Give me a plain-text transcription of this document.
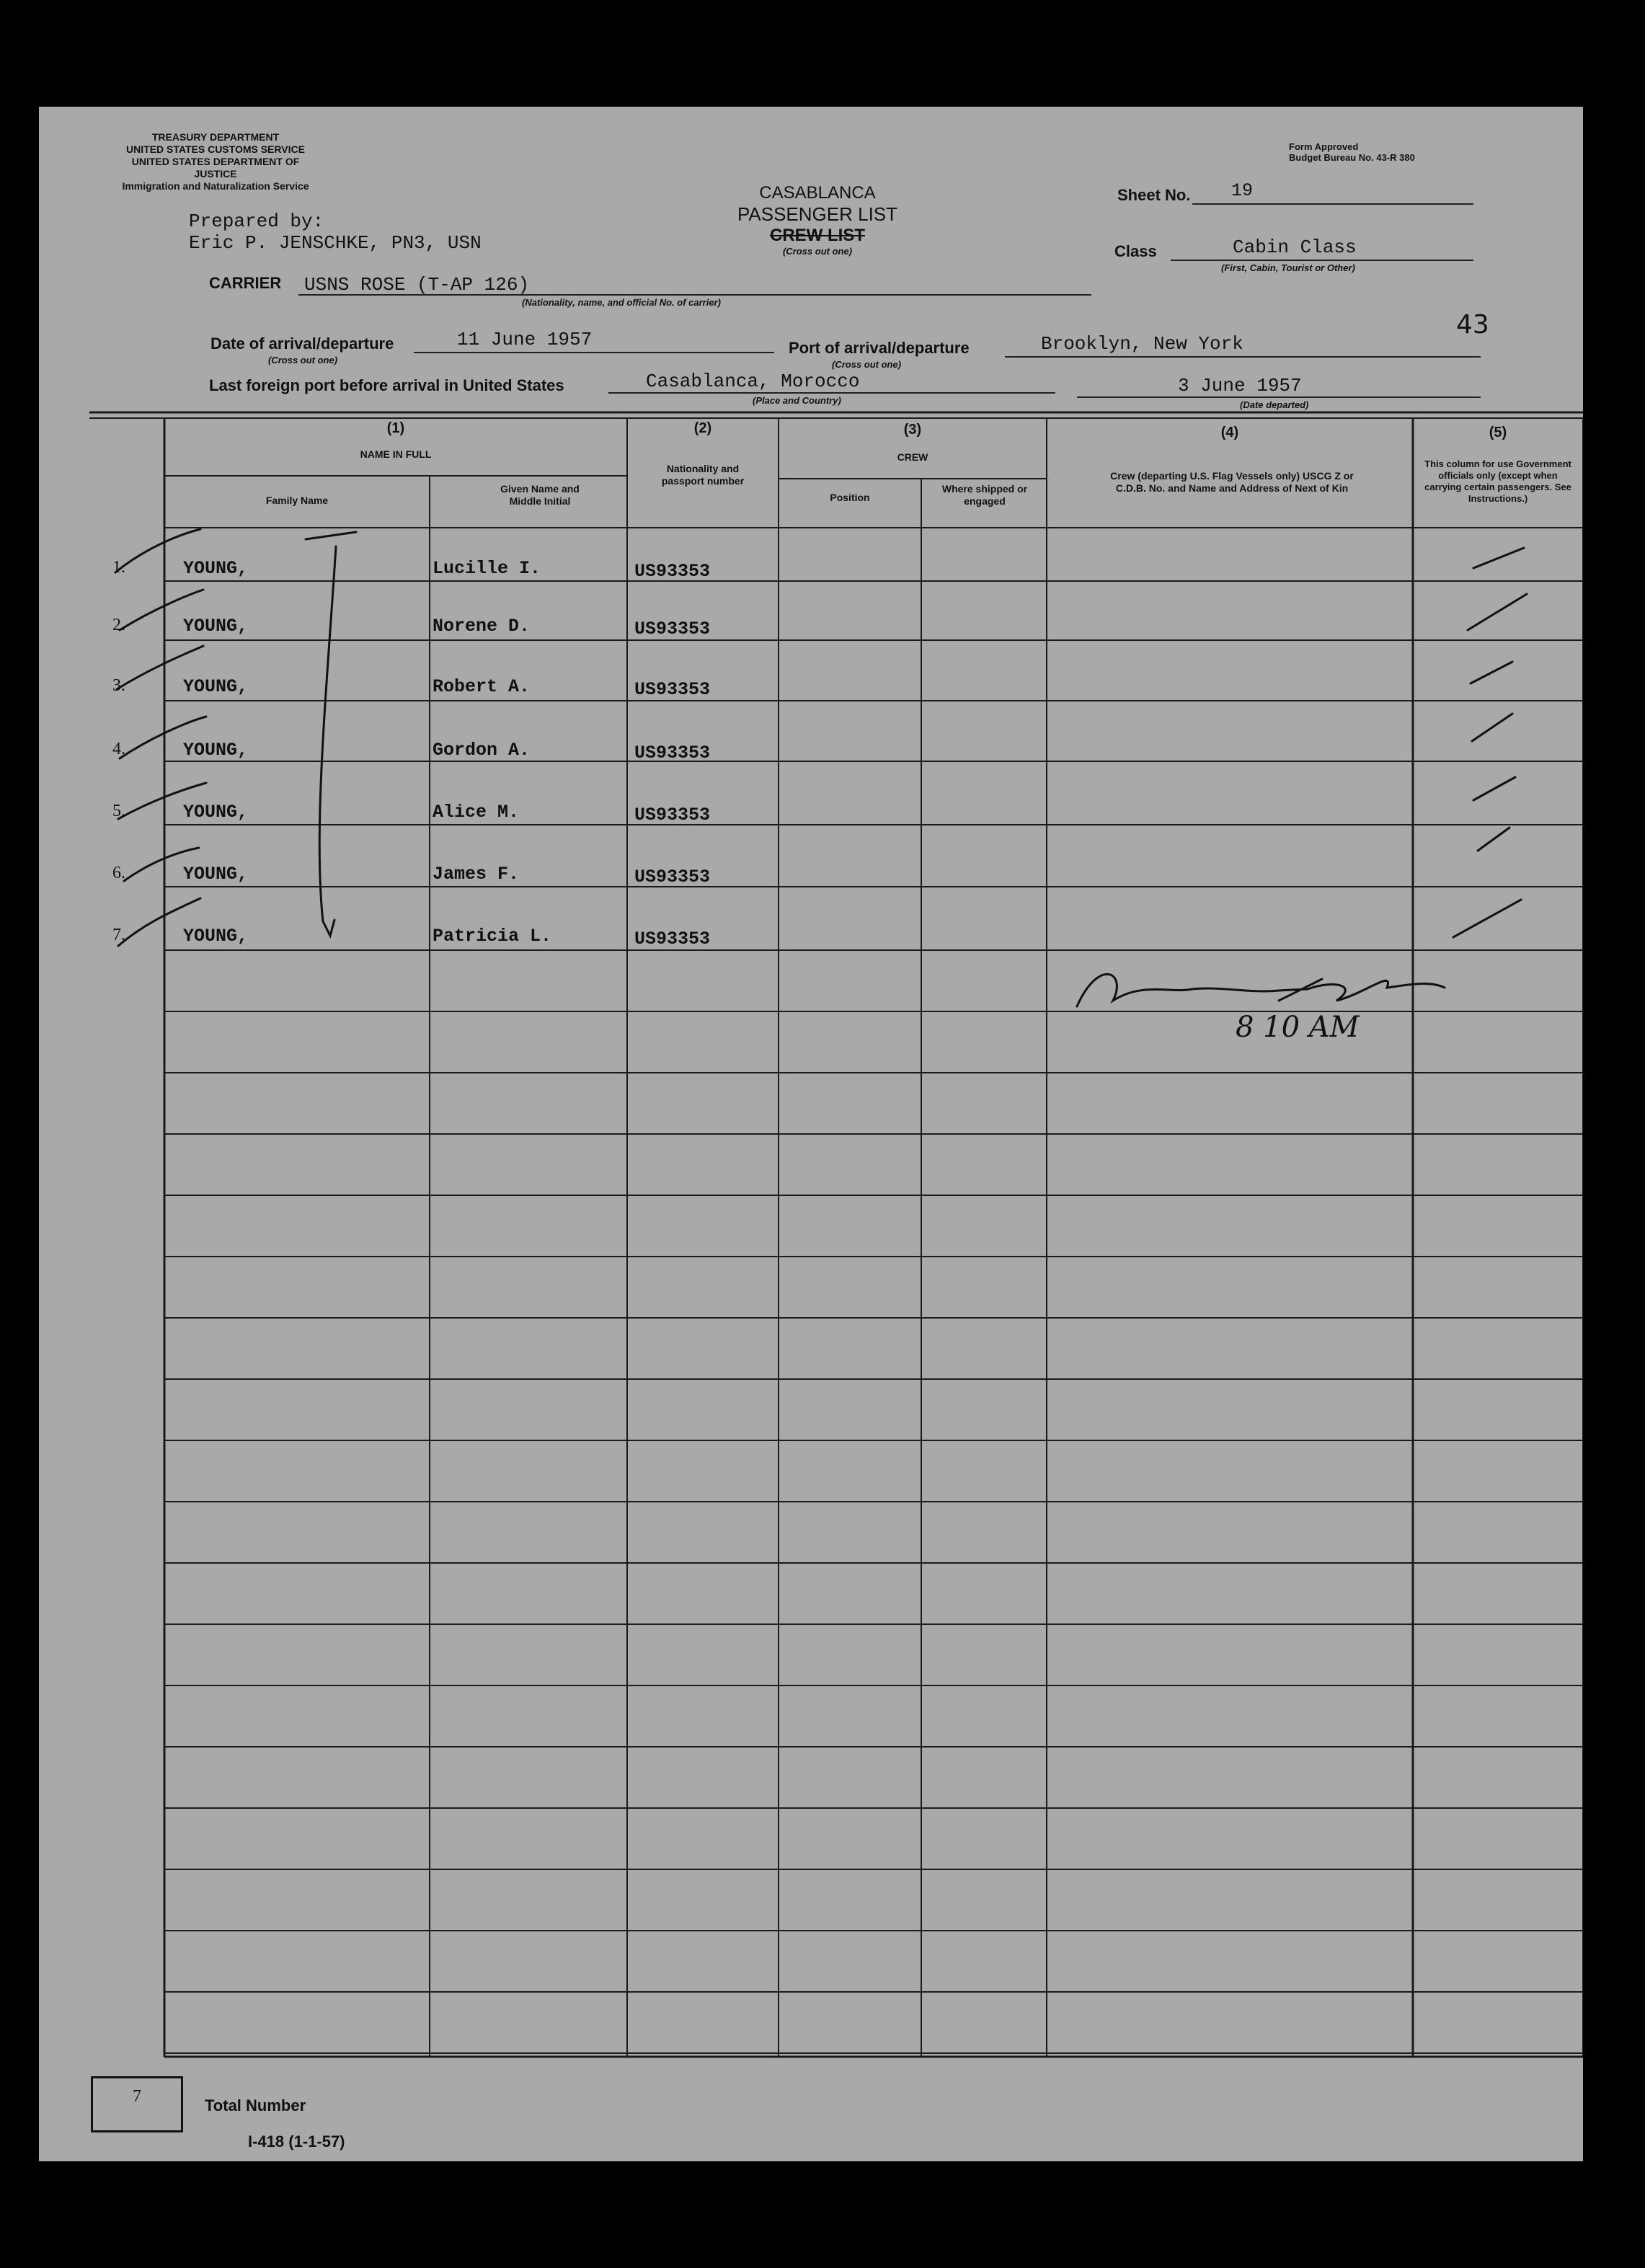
TREASURY DEPARTMENT
UNITED STATES CUSTOMS SERVICE
UNITED STATES DEPARTMENT OF JUSTICE
Immigration and Naturalization Service
Form Approved
Budget Bureau No. 43-R 380
CASABLANCA
PASSENGER LIST
CREW LIST
(Cross out one)
Sheet No. 19
Prepared by:
Eric P. JENSCHKE, PN3, USN	Class	Cabin Class
(First, Cabin, Tourist or Other)
CARRIER USNS ROSE (T-AP 126)
(Nationality, name, and official No. of carrier)
43
Date of arrival/departure	11 June 1957
(Cross out one)
Port of arrival/departure	Brooklyn, New York
(Cross out one)
Last foreign port before arrival in United States	Casablanca, Morocco
(Place and Country)
3 June 1957
(Date departed)
(1)
NAME IN FULL
Family Name
Given Name and Middle Initial
(2)
Nationality and passport number
(3)
CREW
Position
Where shipped or engaged
(4)
Crew (departing U.S. Flag Vessels only) USCG Z or C.D.B. No. and Name and Address of Next of Kin
(5)
This column for use Government officials only (except when carrying certain passengers. See Instructions.)
1.	YOUNG,	Lucille I.	US93353
2.	YOUNG,	Norene D.	US93353
3.	YOUNG,	Robert A.	US93353
4.	YOUNG,	Gordon A.	US93353
5.	YOUNG,	Alice M.	US93353
6.	YOUNG,	James F.	US93353
7.	YOUNG,	Patricia L.	US93353
8 10 AM
7	Total Number
I-418 (1-1-57)
